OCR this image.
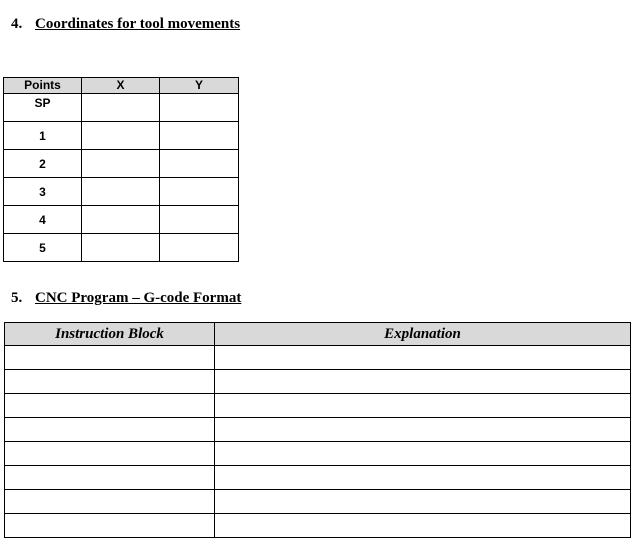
4. Coordinates for tool movements
Points	X	Y
SP		
1		
2		
3		
4		
5		
5. CNC Program – G-code Format
Instruction Block	Explanation
